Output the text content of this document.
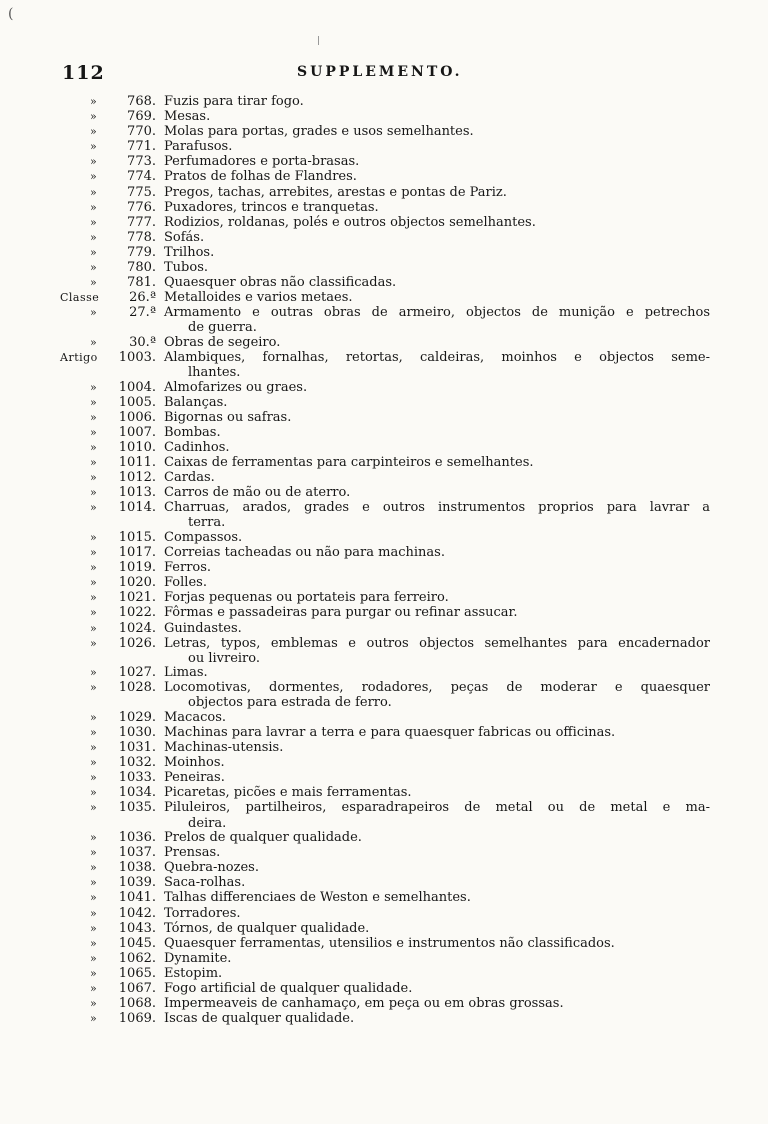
(
112	SUPPLEMENTO.
»	768. Fuzis para tirar fogo.
»	769. Mesas.
»	770. Molas para portas, grades e usos semelhantes.
»	771. Parafusos.
»	773. Perfumadores e porta-brasas.
»	774. Pratos de folhas de Flandres.
»	775. Pregos, tachas, arrebites, arestas e pontas de Pariz.
»	776. Puxadores, trincos e tranquetas.
»	777. Rodizios, roldanas, polés e outros objectos semelhantes.
»	778. Sofás.
»	779. Trilhos.
»	780. Tubos.
»	781. Quaesquer obras não classificadas.
Classe	26.ª Metalloides e varios metaes.
»	27.ª Armamento e outras obras de armeiro, objectos de munição e petrechos
de guerra.
»	30.ª Obras de segeiro.
Artigo	1003. Alambiques, fornalhas, retortas, caldeiras, moinhos e objectos seme-
lhantes.
»	1004. Almofarizes ou graes.
»	1005. Balanças.
»	1006. Bigornas ou safras.
»	1007. Bombas.
»	1010. Cadinhos.
»	1011. Caixas de ferramentas para carpinteiros e semelhantes.
»	1012. Cardas.
»	1013. Carros de mão ou de aterro.
»	1014. Charruas, arados, grades e outros instrumentos proprios para lavrar a
terra.
»	1015. Compassos.
»	1017. Correias tacheadas ou não para machinas.
»	1019. Ferros.
»	1020. Folles.
»	1021. Forjas pequenas ou portateis para ferreiro.
»	1022. Fôrmas e passadeiras para purgar ou refinar assucar.
»	1024. Guindastes.
»	1026. Letras, typos, emblemas e outros objectos semelhantes para encadernador
ou livreiro.
»	1027. Limas.
»	1028. Locomotivas, dormentes, rodadores, peças de moderar e quaesquer
objectos para estrada de ferro.
»	1029. Macacos.
»	1030. Machinas para lavrar a terra e para quaesquer fabricas ou officinas.
»	1031. Machinas-utensis.
»	1032. Moinhos.
»	1033. Peneiras.
»	1034. Picaretas, picões e mais ferramentas.
»	1035. Piluleiros, partilheiros, esparadrapeiros de metal ou de metal e ma-
deira.
»	1036. Prelos de qualquer qualidade.
»	1037. Prensas.
»	1038. Quebra-nozes.
»	1039. Saca-rolhas.
»	1041. Talhas differenciaes de Weston e semelhantes.
»	1042. Torradores.
»	1043. Tórnos, de qualquer qualidade.
»	1045. Quaesquer ferramentas, utensilios e instrumentos não classificados.
»	1062. Dynamite.
»	1065. Estopim.
»	1067. Fogo artificial de qualquer qualidade.
»	1068. Impermeaveis de canhamaço, em peça ou em obras grossas.
»	1069. Iscas de qualquer qualidade.
